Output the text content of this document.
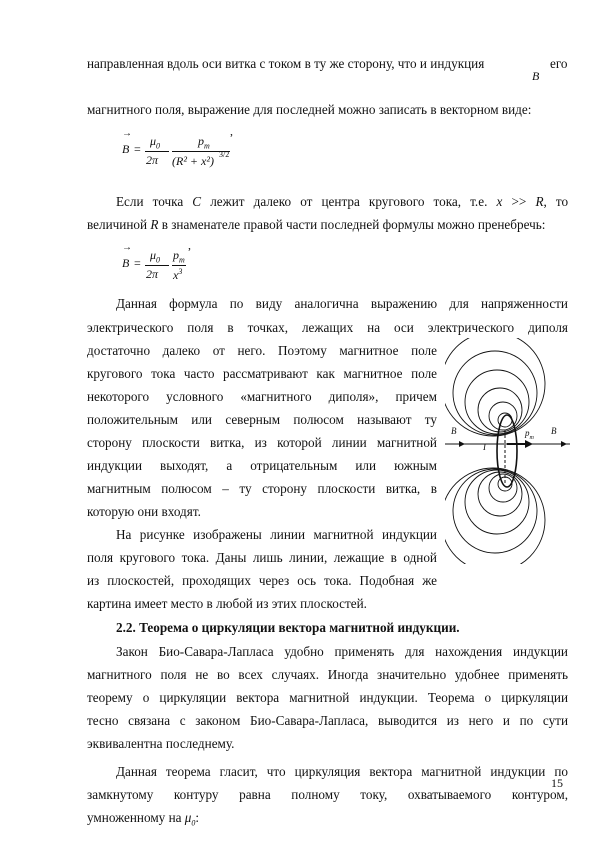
направленная вдоль оси витка с током в ту же сторону, что и индукция
B
его
магнитного поля, выражение для последней можно записать в векторном виде:
→
B =
$\mu_0$
2π
$p_m$
(R² + x²) 3/2
,
Если точка C лежит далеко от центра кругового тока, т.е. x >> R, то
величиной R в знаменателе правой части последней формулы можно пренебречь:
→
B =
$\mu_0$
2π
$p_m$
$x^3$
,
Данная формула по виду аналогична выражению для напряженности
электрического поля в точках, лежащих на оси электрического диполя
достаточно далеко от него. Поэтому магнитное поле
кругового тока часто рассматривают как магнитное поле
некоторого условного «магнитного диполя», причем
положительным или северным полюсом называют ту
сторону плоскости витка, из которой линии магнитной
индукции выходят, а отрицательным или южным
магнитным полюсом – ту сторону плоскости витка, в
которую они входят.
На рисунке изображены линии магнитной индукции
поля кругового тока. Даны лишь линии, лежащие в одной
из плоскостей, проходящих через ось тока. Подобная же
картина имеет место в любой из этих плоскостей.
2.2. Теорема о циркуляции вектора магнитной индукции.
Закон Био-Савара-Лапласа удобно применять для нахождения индукции
магнитного поля не во всех случаях. Иногда значительно удобнее применять
теорему о циркуляции вектора магнитной индукции. Теорема о циркуляции
тесно связана с законом Био-Савара-Лапласа, выводится из него и по сути
эквивалентна последнему.
Данная теорема гласит, что циркуляция вектора магнитной индукции по
замкнутому контуру равна полному току, охватываемого контуром,
умноженному на $\mu_0$:
B	$p_m$
B
I
15
